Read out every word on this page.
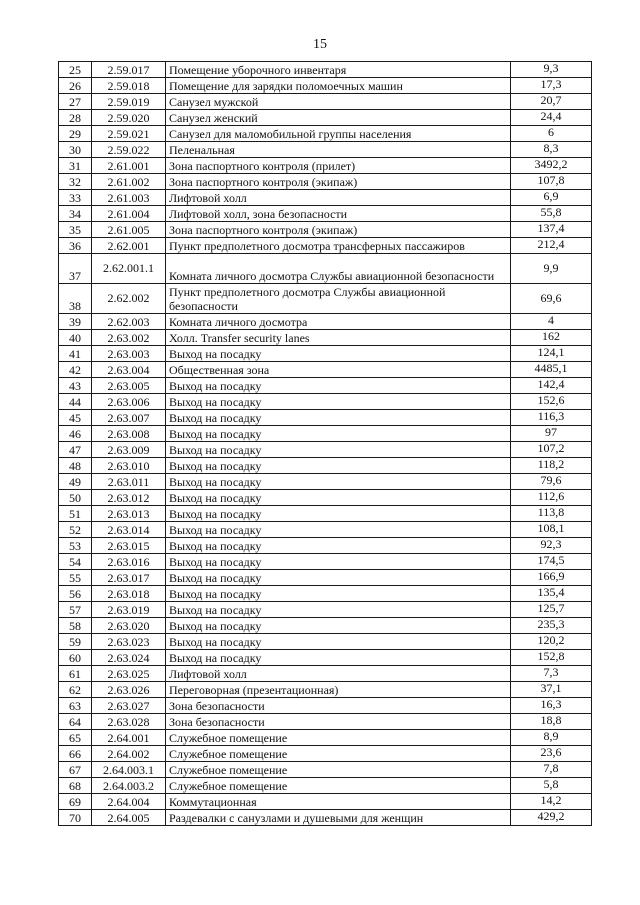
15
25	2.59.017	Помещение уборочного инвентаря	9,3
26	2.59.018	Помещение для зарядки поломоечных машин	17,3
27	2.59.019	Санузел мужской	20,7
28	2.59.020	Санузел женский	24,4
29	2.59.021	Санузел для маломобильной группы населения	6
30	2.59.022	Пеленальная	8,3
31	2.61.001	Зона паспортного контроля (прилет)	3492,2
32	2.61.002	Зона паспортного контроля (экипаж)	107,8
33	2.61.003	Лифтовой холл	6,9
34	2.61.004	Лифтовой холл, зона безопасности	55,8
35	2.61.005	Зона паспортного контроля (экипаж)	137,4
36	2.62.001	Пункт предполетного досмотра трансферных пассажиров	212,4
37	2.62.001.1	Комната личного досмотра Службы авиационной безопасности	9,9
38	2.62.002	Пункт предполетного досмотра Службы авиационной безопасности	69,6
39	2.62.003	Комната личного досмотра	4
40	2.63.002	Холл. Transfer security lanes	162
41	2.63.003	Выход на посадку	124,1
42	2.63.004	Общественная зона	4485,1
43	2.63.005	Выход на посадку	142,4
44	2.63.006	Выход на посадку	152,6
45	2.63.007	Выход на посадку	116,3
46	2.63.008	Выход на посадку	97
47	2.63.009	Выход на посадку	107,2
48	2.63.010	Выход на посадку	118,2
49	2.63.011	Выход на посадку	79,6
50	2.63.012	Выход на посадку	112,6
51	2.63.013	Выход на посадку	113,8
52	2.63.014	Выход на посадку	108,1
53	2.63.015	Выход на посадку	92,3
54	2.63.016	Выход на посадку	174,5
55	2.63.017	Выход на посадку	166,9
56	2.63.018	Выход на посадку	135,4
57	2.63.019	Выход на посадку	125,7
58	2.63.020	Выход на посадку	235,3
59	2.63.023	Выход на посадку	120,2
60	2.63.024	Выход на посадку	152,8
61	2.63.025	Лифтовой холл	7,3
62	2.63.026	Переговорная (презентационная)	37,1
63	2.63.027	Зона безопасности	16,3
64	2.63.028	Зона безопасности	18,8
65	2.64.001	Служебное помещение	8,9
66	2.64.002	Служебное помещение	23,6
67	2.64.003.1	Служебное помещение	7,8
68	2.64.003.2	Служебное помещение	5,8
69	2.64.004	Коммутационная	14,2
70	2.64.005	Раздевалки с санузлами и душевыми для женщин	429,2
